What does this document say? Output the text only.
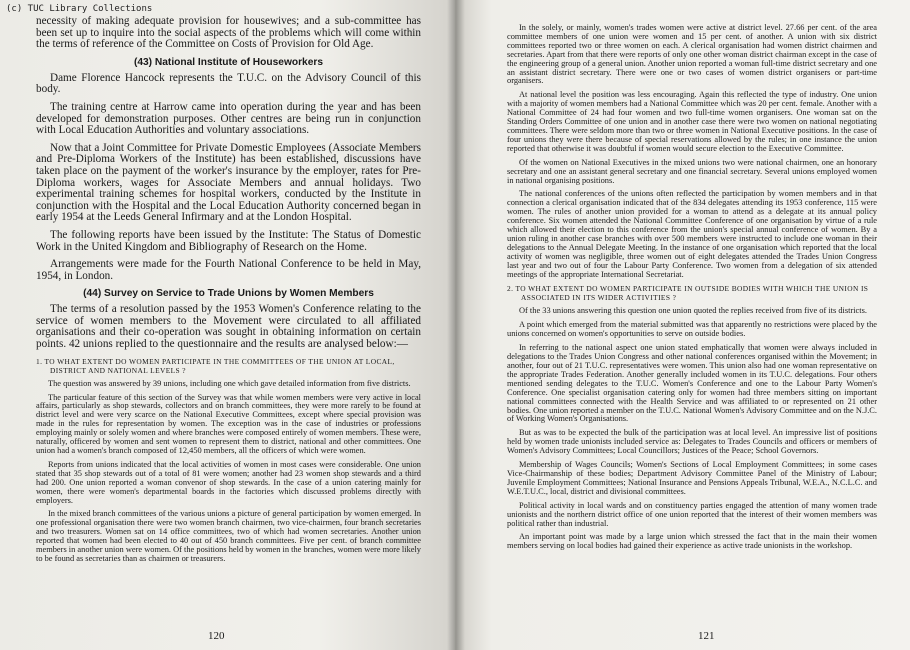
(c) TUC Library Collections

necessity of making adequate provision for housewives; and a sub-committee has been set up to inquire into the social aspects of the problems which will come within the terms of reference of the Committee on Costs of Provision for Old Age.

(43) National Institute of Houseworkers

Dame Florence Hancock represents the T.U.C. on the Advisory Council of this body.

The training centre at Harrow came into operation during the year and has been developed for demonstration purposes. Other centres are being run in conjunction with Local Education Authorities and voluntary associations.

Now that a Joint Committee for Private Domestic Employees (Associate Members and Pre-Diploma Workers of the Institute) has been established, discussions have taken place on the payment of the worker's insurance by the employer, rates for Pre-Diploma workers, wages for Associate Members and annual holidays. Two experimental training schemes for hospital workers, conducted by the Institute in conjunction with the Hospital and the Local Education Authority concerned began in early 1954 at the Leeds General Infirmary and at the London Hospital.

The following reports have been issued by the Institute: The Status of Domestic Work in the United Kingdom and Bibliography of Research on the Home.

Arrangements were made for the Fourth National Conference to be held in May, 1954, in London.

(44) Survey on Service to Trade Unions by Women Members

The terms of a resolution passed by the 1953 Women's Conference relating to the service of women members to the Movement were circulated to all affiliated organisations and their co-operation was sought in obtaining information on certain points. 42 unions replied to the questionnaire and the results are analysed below:—

1. TO WHAT EXTENT DO WOMEN PARTICIPATE IN THE COMMITTEES OF THE UNION AT LOCAL, DISTRICT AND NATIONAL LEVELS ?

The question was answered by 39 unions, including one which gave detailed information from five districts.

The particular feature of this section of the Survey was that while women members were very active in local affairs, particularly as shop stewards, collectors and on branch committees, they were more rarely to be found at district level and were very scarce on the National Executive Committees, except where special provision was made in the rules for representation by women. The exception was in the case of industries or professions employing mainly or solely women and where branches were composed entirely of women members. These were, naturally, officered by women and sent women to represent them to district, national and other committees. One union had a women's branch composed of 12,450 members, all the officers of which were women.

Reports from unions indicated that the local activities of women in most cases were considerable. One union stated that 35 shop stewards out of a total of 81 were women; another had 23 women shop stewards and a third had 200. One union reported a woman convenor of shop stewards. In the case of a union catering mainly for women, there were women's departmental boards in the factories which discussed problems directly with employers.

In the mixed branch committees of the various unions a picture of general participation by women emerged. In one professional organisation there were two women branch chairmen, two vice-chairmen, four branch secretaries and two treasurers. Women sat on 14 office committees, two of which had women secretaries. Another union reported that women had been elected to 40 out of 450 branch committees. Five per cent. of branch committee members in another union were women. Of the positions held by women in the branches, women were more likely to be found as secretaries than as chairmen or treasurers.

120

In the solely, or mainly, women's trades women were active at district level. 27.66 per cent. of the area committee members of one union were women and 15 per cent. of another. A union with six district committees reported two or three women on each. A clerical organisation had women district chairmen and secretaries. Apart from that there were reports of only one other woman district chairman except in the case of the engineering group of a general union. Another union reported a woman full-time district secretary and one an assistant district secretary. There were one or two cases of women district organisers or part-time organisers.

At national level the position was less encouraging. Again this reflected the type of industry. One union with a majority of women members had a National Committee which was 20 per cent. female. Another with a National Committee of 24 had four women and two full-time women organisers. One woman sat on the Standing Orders Committee of one union and in another case there were two women on national negotiating committees. There were seldom more than two or three women in National Executive positions. In the case of four unions they were there because of special reservations allowed by the rules; in one instance the union reported that otherwise it was doubtful if women would secure election to the Executive Committee.

Of the women on National Executives in the mixed unions two were national chairmen, one an honorary secretary and one an assistant general secretary and one financial secretary. Several unions employed women in national organising positions.

The national conferences of the unions often reflected the participation by women members and in that connection a clerical organisation indicated that of the 834 delegates attending its 1953 conference, 115 were women. The rules of another union provided for a woman to attend as a delegate at its annual policy conference. Six women attended the National Committee Conference of one organisation by virtue of a rule which allowed their election to this conference from the union's special annual conference of women. By a union ruling in another case branches with over 500 members were instructed to include one woman in their delegations to the Annual Delegate Meeting. In the instance of one organisation which reported that the local activity of women was negligible, three women out of eight delegates attended the Trades Union Congress last year and two out of four the Labour Party Conference. Two women from a delegation of six attended meetings of the appropriate International Secretariat.

2. TO WHAT EXTENT DO WOMEN PARTICIPATE IN OUTSIDE BODIES WITH WHICH THE UNION IS ASSOCIATED IN ITS WIDER ACTIVITIES ?

Of the 33 unions answering this question one union quoted the replies received from five of its districts.

A point which emerged from the material submitted was that apparently no restrictions were placed by the unions concerned on women's opportunities to serve on outside bodies.

In referring to the national aspect one union stated emphatically that women were always included in delegations to the Trades Union Congress and other national conferences organised within the Movement; in another, four out of 21 T.U.C. representatives were women. This union also had one woman representative on the appropriate Trades Federation. Another generally included women in its T.U.C. delegations. Four others mentioned sending delegates to the T.U.C. Women's Conference and one to the Labour Party Women's Conference. One specialist organisation catering only for women had three members sitting on important national committees connected with the Health Service and was affiliated to or represented on 21 other bodies. One union reported a member on the T.U.C. National Women's Advisory Committee and on the N.J.C. of Working Women's Organisations.

But as was to be expected the bulk of the participation was at local level. An impressive list of positions held by women trade unionists included service as: Delegates to Trades Councils and officers or members of Women's Advisory Committees; Local Councillors; Justices of the Peace; School Governors.

Membership of Wages Councils; Women's Sections of Local Employment Committees; in some cases Vice-Chairmanship of these bodies; Department Advisory Committee Panel of the Ministry of Labour; Juvenile Employment Committees; National Insurance and Pensions Appeals Tribunal, W.E.A., N.C.L.C. and W.E.T.U.C., local, district and divisional committees.

Political activity in local wards and on constituency parties engaged the attention of many women trade unionists and the northern district office of one union reported that the interest of their women members was political rather than industrial.

An important point was made by a large union which stressed the fact that in the main their women members serving on local bodies had gained their experience as active trade unionists in the workshop.

121
